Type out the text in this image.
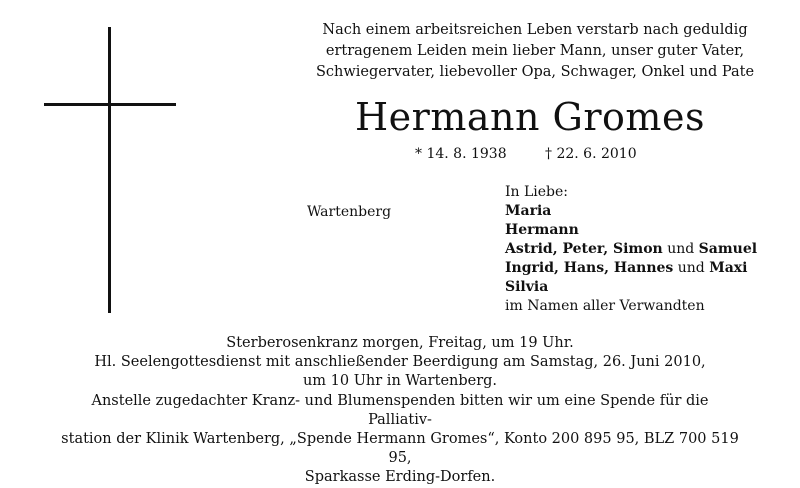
Nach einem arbeitsreichen Leben verstarb nach geduldig
ertragenem Leiden mein lieber Mann, unser guter Vater,
Schwiegervater, liebevoller Opa, Schwager, Onkel und Pate
Hermann Gromes
* 14. 8. 1938	† 22. 6. 2010
Wartenberg
In Liebe:
Maria
Hermann
Astrid, Peter, Simon und Samuel
Ingrid, Hans, Hannes und Maxi
Silvia
im Namen aller Verwandten
Sterberosenkranz morgen, Freitag, um 19 Uhr.
Hl. Seelengottesdienst mit anschließender Beerdigung am Samstag, 26. Juni 2010,
um 10 Uhr in Wartenberg.
Anstelle zugedachter Kranz- und Blumenspenden bitten wir um eine Spende für die Palliativ-
station der Klinik Wartenberg, „Spende Hermann Gromes“, Konto 200 895 95, BLZ 700 519 95,
Sparkasse Erding-Dorfen.
